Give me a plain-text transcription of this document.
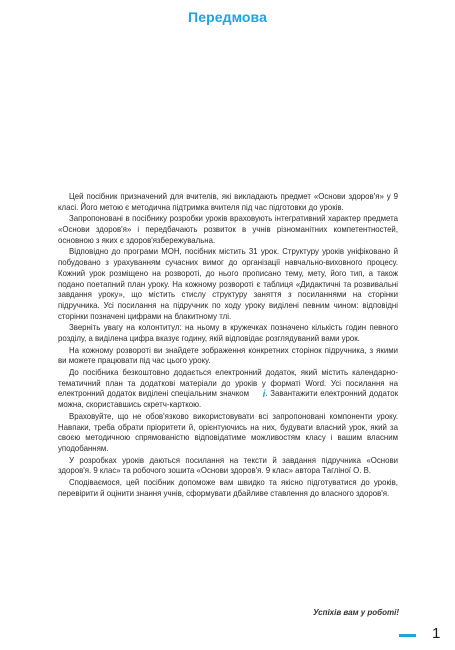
Передмова

Цей посібник призначений для вчителів, які викладають предмет «Основи здоров'я» у 9 класі. Його метою є методична підтримка вчителя під час підготовки до уроків.

Запропоновані в посібнику розробки уроків враховують інтегративний характер предмета «Основи здоров'я» і передбачають розвиток в учнів різноманітних компетентностей, основною з яких є здоров'язбережувальна.

Відповідно до програми МОН, посібник містить 31 урок. Структуру уроків уніфіковано й побудовано з урахуванням сучасних вимог до організації навчально-виховного процесу. Кожний урок розміщено на розвороті, до нього прописано тему, мету, його тип, а також подано поетапний план уроку. На кожному розвороті є таблиця «Дидактичні та розвивальні завдання уроку», що містить стислу структуру заняття з посиланнями на сторінки підручника. Усі посилання на підручник по ходу уроку виділені певним чином: відповідні сторінки позначені цифрами на блакитному тлі.

Зверніть увагу на колонтитул: на ньому в кружечках позначено кількість годин певного розділу, а виділена цифра вказує годину, якій відповідає розглядуваний вами урок.

На кожному розвороті ви знайдете зображення конкретних сторінок підручника, з якими ви можете працювати під час цього уроку.

До посібника безкоштовно додається електронний додаток, який містить календарно-тематичний план та додаткові матеріали до уроків у форматі Word. Усі посилання на електронний додаток виділені спеціальним значком i. Завантажити електронний додаток можна, скориставшись скретч-карткою.

Враховуйте, що не обов'язково використовувати всі запропоновані компоненти уроку. Навпаки, треба обрати пріоритети й, орієнтуючись на них, будувати власний урок, який за своєю методичною спрямованістю відповідатиме можливостям класу і вашим власним уподобанням.

У розробках уроків даються посилання на тексти й завдання підручника «Основи здоров'я. 9 клас» та робочого зошита «Основи здоров'я. 9 клас» автора Таглiної О. В.

Сподіваємося, цей посібник допоможе вам швидко та якісно підготуватися до уроків, перевірити й оцінити знання учнів, сформувати дбайливе ставлення до власного здоров'я.

Успіхів вам у роботі!
1
